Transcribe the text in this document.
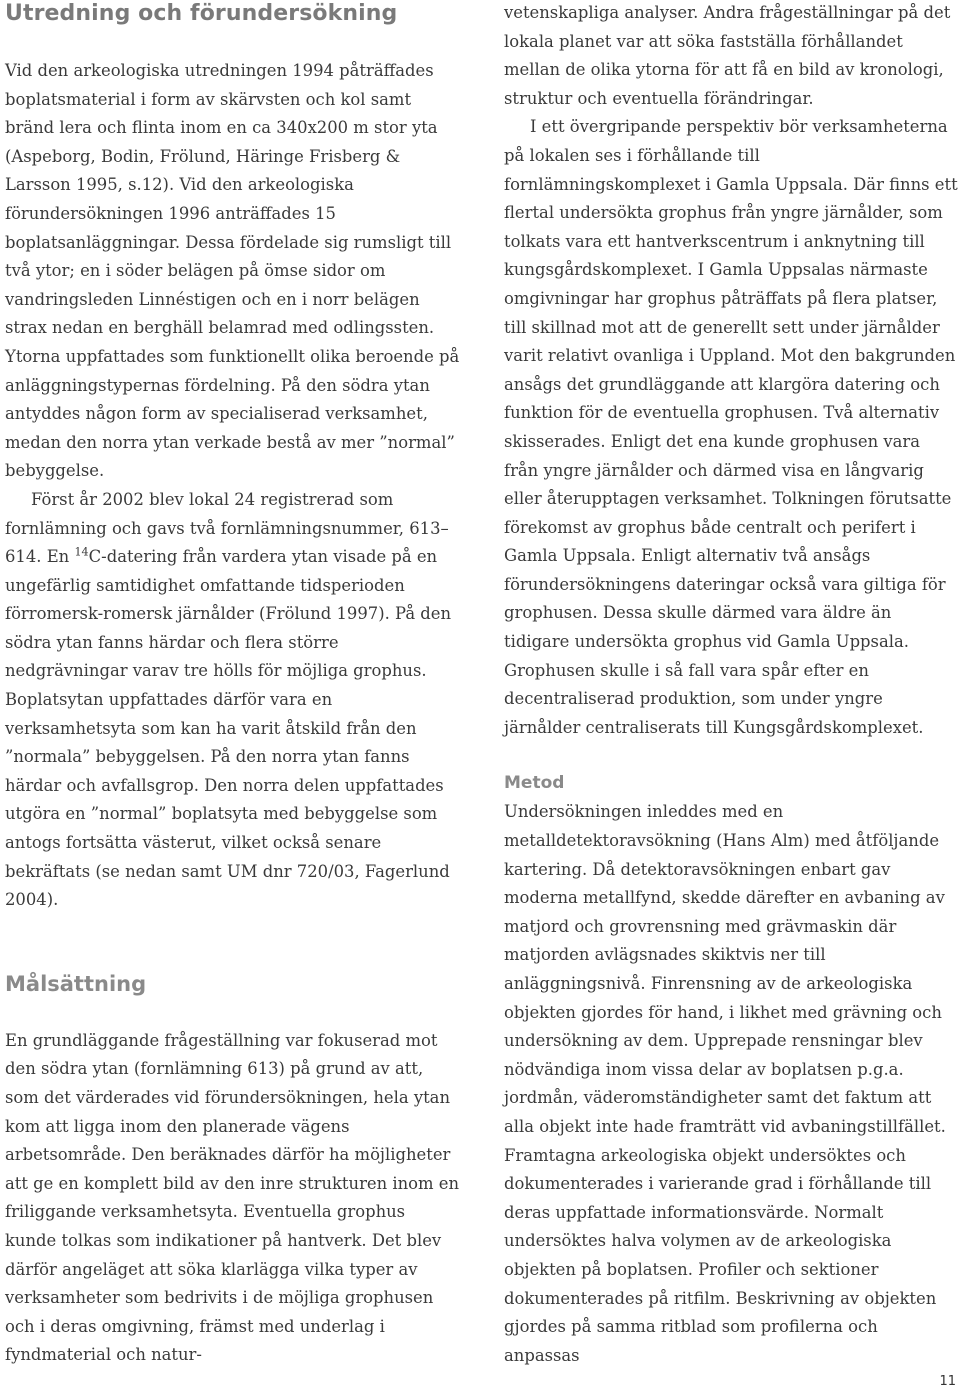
Utredning och förundersökning

Vid den arkeologiska utredningen 1994 påträffades boplatsmaterial i form av skärvsten och kol samt bränd lera och flinta inom en ca 340x200 m stor yta (Aspeborg, Bodin, Frölund, Häringe Frisberg & Larsson 1995, s.12). Vid den arkeologiska förundersökningen 1996 anträffades 15 boplatsanläggningar. Dessa fördelade sig rumsligt till två ytor; en i söder belägen på ömse sidor om vandringsleden Linnéstigen och en i norr belägen strax nedan en berghäll belamrad med odlingssten. Ytorna uppfattades som funktionellt olika beroende på anläggningstypernas fördelning. På den södra ytan antyddes någon form av specialiserad verksamhet, medan den norra ytan verkade bestå av mer ”normal” bebyggelse.

Först år 2002 blev lokal 24 registrerad som fornlämning och gavs två fornlämningsnummer, 613–614. En $^{14}$C-datering från vardera ytan visade på en ungefärlig samtidighet omfattande tidsperioden förromersk-romersk järnålder (Frölund 1997). På den södra ytan fanns härdar och flera större nedgrävningar varav tre hölls för möjliga grophus. Boplatsytan uppfattades därför vara en verksamhetsyta som kan ha varit åtskild från den ”normala” bebyggelsen. På den norra ytan fanns härdar och avfallsgrop. Den norra delen uppfattades utgöra en ”normal” boplatsyta med bebyggelse som antogs fortsätta västerut, vilket också senare bekräftats (se nedan samt UM dnr 720/03, Fagerlund 2004).

Målsättning

En grundläggande frågeställning var fokuserad mot den södra ytan (fornlämning 613) på grund av att, som det värderades vid förundersökningen, hela ytan kom att ligga inom den planerade vägens arbetsområde. Den beräknades därför ha möjligheter att ge en komplett bild av den inre strukturen inom en friliggande verksamhetsyta. Eventuella grophus kunde tolkas som indikationer på hantverk. Det blev därför angeläget att söka klarlägga vilka typer av verksamheter som bedrivits i de möjliga grophusen och i deras omgivning, främst med underlag i fyndmaterial och natur-

vetenskapliga analyser. Andra frågeställningar på det lokala planet var att söka fastställa förhållandet mellan de olika ytorna för att få en bild av kronologi, struktur och eventuella förändringar.

I ett övergripande perspektiv bör verksamheterna på lokalen ses i förhållande till fornlämningskomplexet i Gamla Uppsala. Där finns ett flertal undersökta grophus från yngre järnålder, som tolkats vara ett hantverkscentrum i anknytning till kungsgårdskomplexet. I Gamla Uppsalas närmaste omgivningar har grophus påträffats på flera platser, till skillnad mot att de generellt sett under järnålder varit relativt ovanliga i Uppland. Mot den bakgrunden ansågs det grundläggande att klargöra datering och funktion för de eventuella grophusen. Två alternativ skisserades. Enligt det ena kunde grophusen vara från yngre järnålder och därmed visa en långvarig eller återupptagen verksamhet. Tolkningen förutsatte förekomst av grophus både centralt och perifert i Gamla Uppsala. Enligt alternativ två ansågs förundersökningens dateringar också vara giltiga för grophusen. Dessa skulle därmed vara äldre än tidigare undersökta grophus vid Gamla Uppsala. Grophusen skulle i så fall vara spår efter en decentraliserad produktion, som under yngre järnålder centraliserats till Kungsgårdskomplexet.

Metod

Undersökningen inleddes med en metalldetektoravsökning (Hans Alm) med åtföljande kartering. Då detektoravsökningen enbart gav moderna metallfynd, skedde därefter en avbaning av matjord och grovrensning med grävmaskin där matjorden avlägsnades skiktvis ner till anläggningsnivå. Finrensning av de arkeologiska objekten gjordes för hand, i likhet med grävning och undersökning av dem. Upprepade rensningar blev nödvändiga inom vissa delar av boplatsen p.g.a. jordmån, väderomständigheter samt det faktum att alla objekt inte hade framträtt vid avbaningstillfället. Framtagna arkeologiska objekt undersöktes och dokumenterades i varierande grad i förhållande till deras uppfattade informationsvärde. Normalt undersöktes halva volymen av de arkeologiska objekten på boplatsen. Profiler och sektioner dokumenterades på ritfilm. Beskrivning av objekten gjordes på samma ritblad som profilerna och anpassas

11
